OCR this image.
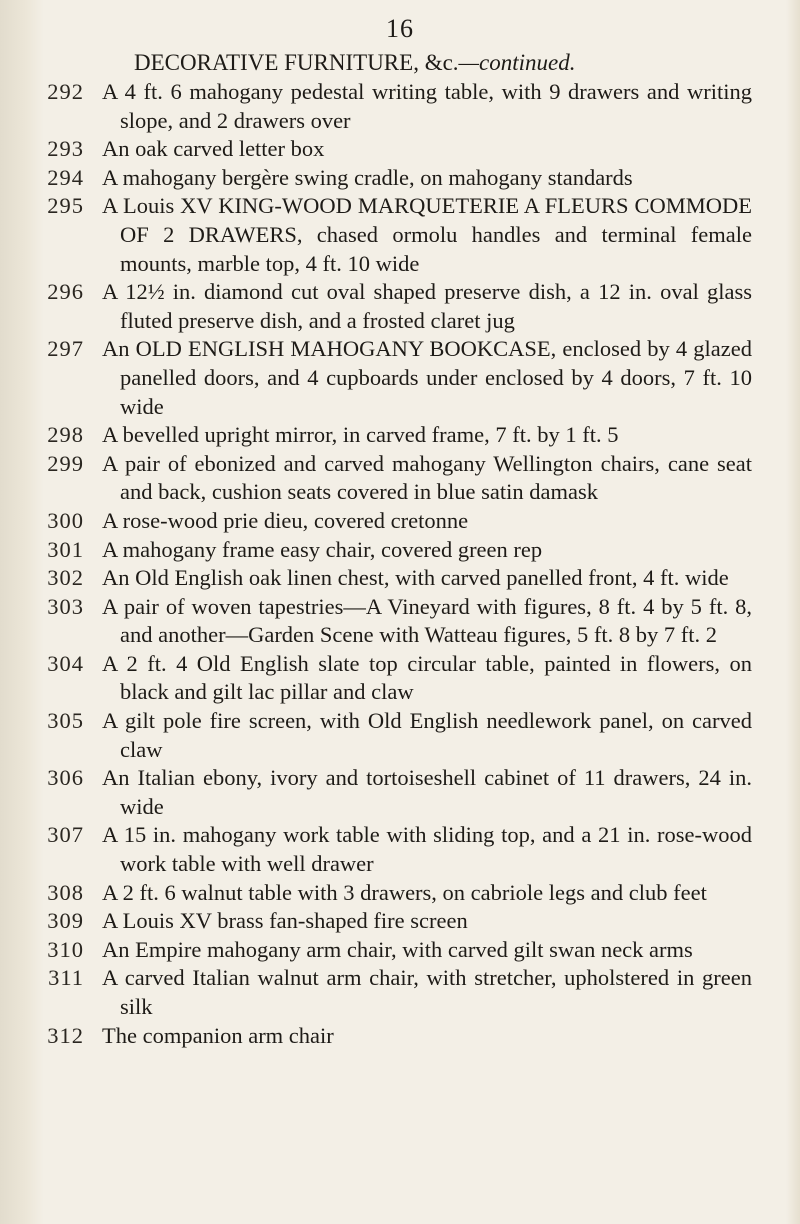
16
DECORATIVE FURNITURE, &c.—continued.
292 A 4 ft. 6 mahogany pedestal writing table, with 9 drawers and writing slope, and 2 drawers over
293 An oak carved letter box
294 A mahogany bergère swing cradle, on mahogany standards
295 A Louis XV KING-WOOD MARQUETERIE A FLEURS COMMODE OF 2 DRAWERS, chased ormolu handles and terminal female mounts, marble top, 4 ft. 10 wide
296 A 12½ in. diamond cut oval shaped preserve dish, a 12 in. oval glass fluted preserve dish, and a frosted claret jug
297 An OLD ENGLISH MAHOGANY BOOKCASE, enclosed by 4 glazed panelled doors, and 4 cupboards under enclosed by 4 doors, 7 ft. 10 wide
298 A bevelled upright mirror, in carved frame, 7 ft. by 1 ft. 5
299 A pair of ebonized and carved mahogany Wellington chairs, cane seat and back, cushion seats covered in blue satin damask
300 A rose-wood prie dieu, covered cretonne
301 A mahogany frame easy chair, covered green rep
302 An Old English oak linen chest, with carved panelled front, 4 ft. wide
303 A pair of woven tapestries—A Vineyard with figures, 8 ft. 4 by 5 ft. 8, and another—Garden Scene with Watteau figures, 5 ft. 8 by 7 ft. 2
304 A 2 ft. 4 Old English slate top circular table, painted in flowers, on black and gilt lac pillar and claw
305 A gilt pole fire screen, with Old English needlework panel, on carved claw
306 An Italian ebony, ivory and tortoiseshell cabinet of 11 drawers, 24 in. wide
307 A 15 in. mahogany work table with sliding top, and a 21 in. rose-wood work table with well drawer
308 A 2 ft. 6 walnut table with 3 drawers, on cabriole legs and club feet
309 A Louis XV brass fan-shaped fire screen
310 An Empire mahogany arm chair, with carved gilt swan neck arms
311 A carved Italian walnut arm chair, with stretcher, upholstered in green silk
312 The companion arm chair
